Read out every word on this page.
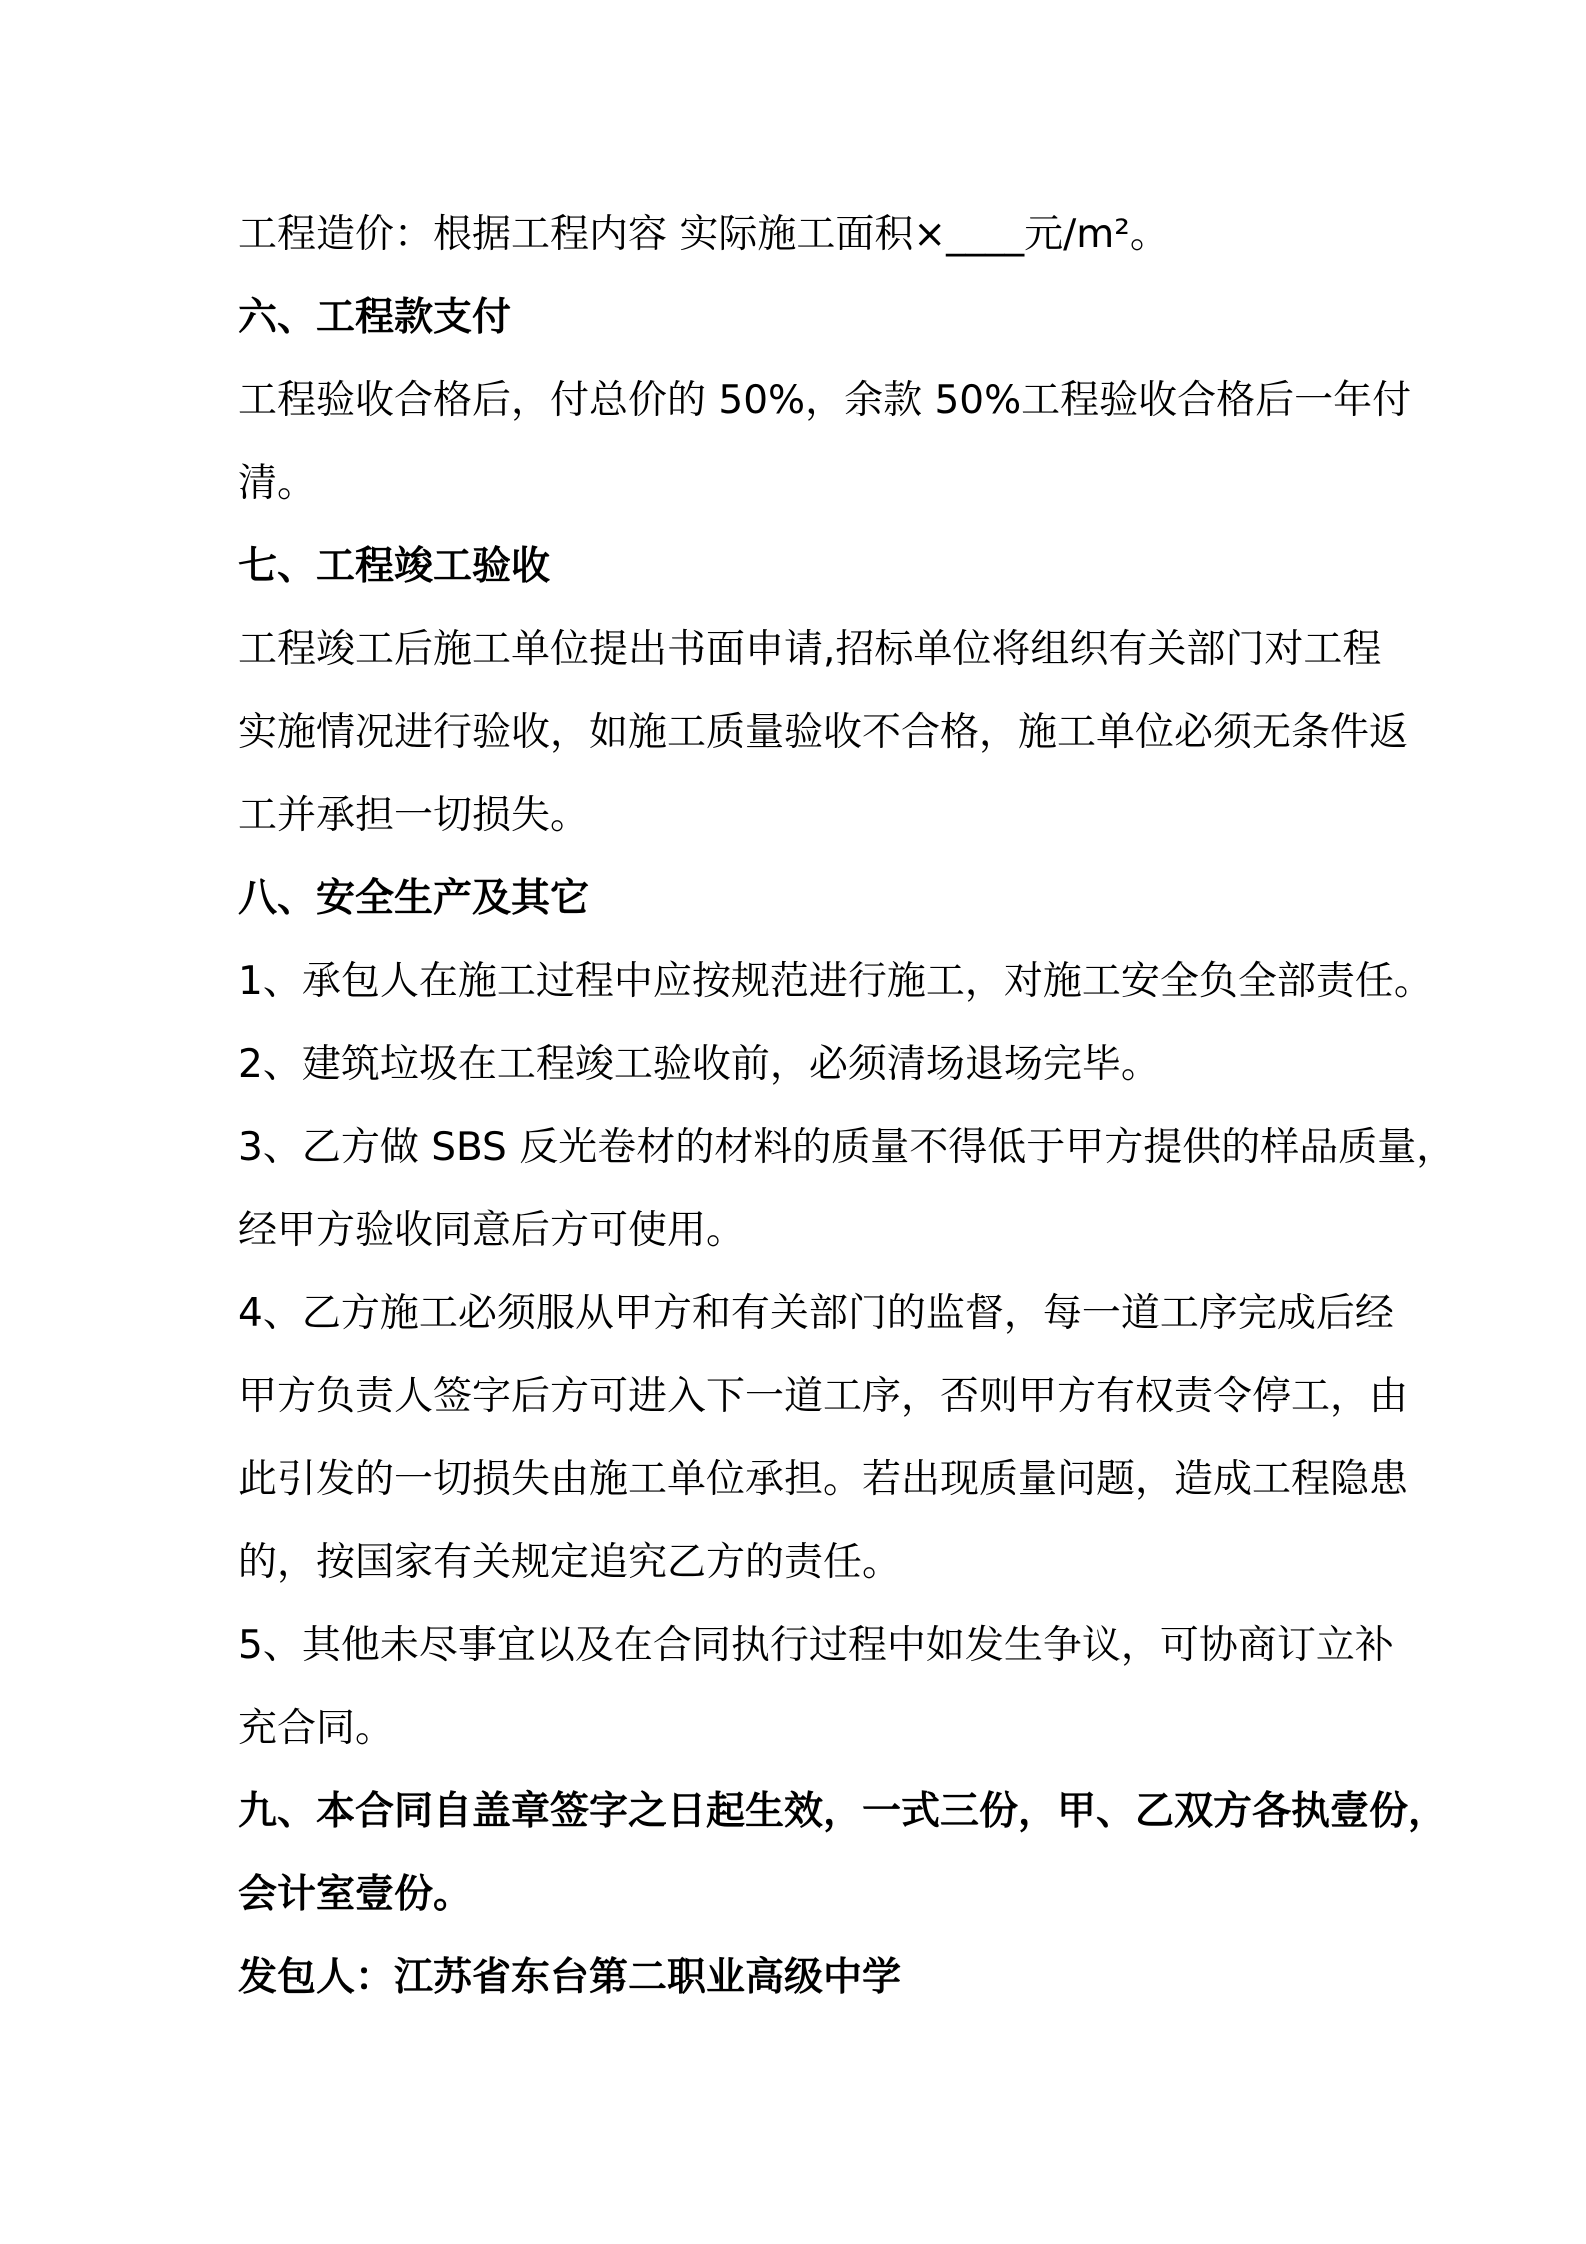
工程造价：根据工程内容 实际施工面积×____元/m²。
六、工程款支付
工程验收合格后，付总价的 50%，余款 50%工程验收合格后一年付
清。
七、工程竣工验收
工程竣工后施工单位提出书面申请,招标单位将组织有关部门对工程
实施情况进行验收，如施工质量验收不合格，施工单位必须无条件返
工并承担一切损失。
八、安全生产及其它
1、承包人在施工过程中应按规范进行施工，对施工安全负全部责任。
2、建筑垃圾在工程竣工验收前，必须清场退场完毕。
3、乙方做 SBS 反光卷材的材料的质量不得低于甲方提供的样品质量，
经甲方验收同意后方可使用。
4、乙方施工必须服从甲方和有关部门的监督，每一道工序完成后经
甲方负责人签字后方可进入下一道工序，否则甲方有权责令停工，由
此引发的一切损失由施工单位承担。若出现质量问题，造成工程隐患
的，按国家有关规定追究乙方的责任。
5、其他未尽事宜以及在合同执行过程中如发生争议，可协商订立补
充合同。
九、本合同自盖章签字之日起生效，一式三份，甲、乙双方各执壹份，
会计室壹份。
发包人：江苏省东台第二职业高级中学
